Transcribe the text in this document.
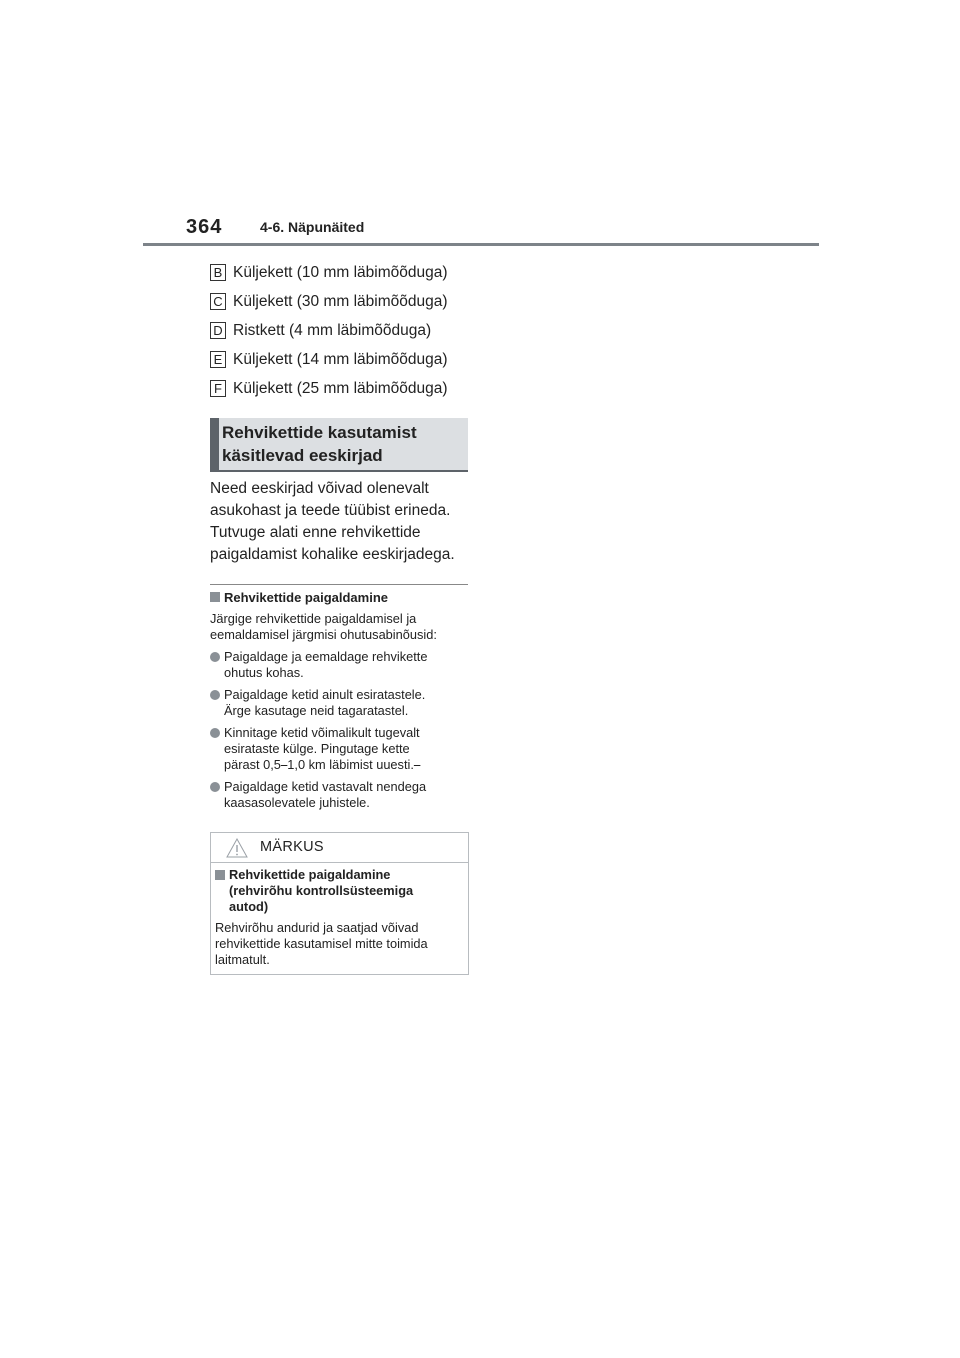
364	4-6. Näpunäited
B Küljekett (10 mm läbimõõduga)
C Küljekett (30 mm läbimõõduga)
D Ristkett (4 mm läbimõõduga)
E Küljekett (14 mm läbimõõduga)
F Küljekett (25 mm läbimõõduga)
Rehvikettide kasutamist
käsitlevad eeskirjad
Need eeskirjad võivad olenevalt
asukohast ja teede tüübist erineda.
Tutvuge alati enne rehvikettide
paigaldamist kohalike eeskirjadega.
Rehvikettide paigaldamine
Järgige rehvikettide paigaldamisel ja
eemaldamisel järgmisi ohutusabinõusid:
Paigaldage ja eemaldage rehvikette
ohutus kohas.
Paigaldage ketid ainult esiratastele.
Ärge kasutage neid tagaratastel.
Kinnitage ketid võimalikult tugevalt
esirataste külge. Pingutage kette
pärast 0,5⎯1,0 km läbimist uuesti.⎯
Paigaldage ketid vastavalt nendega
kaasasolevatele juhistele.
MÄRKUS
Rehvikettide paigaldamine
(rehvirõhu kontrollsüsteemiga
autod)
Rehvirõhu andurid ja saatjad võivad
rehvikettide kasutamisel mitte toimida
laitmatult.
